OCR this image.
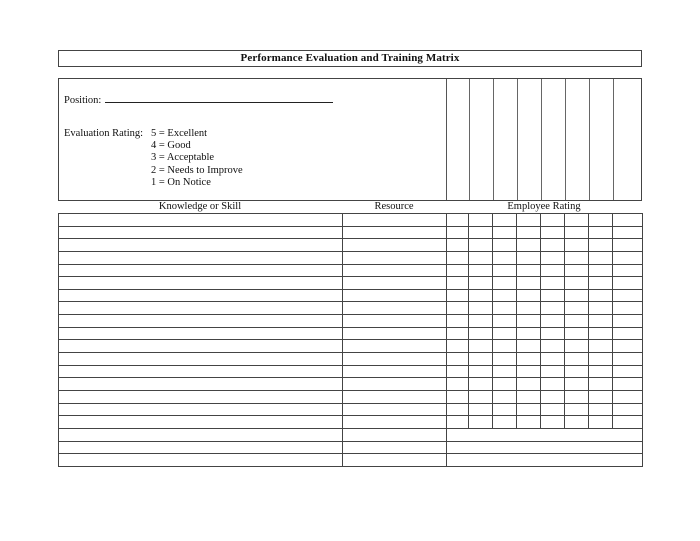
Performance Evaluation and Training Matrix
Position:
Evaluation Rating: 5 = Excellent
4 = Good
3 = Acceptable
2 = Needs to Improve
1 = On Notice
Knowledge or Skill	Resource	Employee Rating
